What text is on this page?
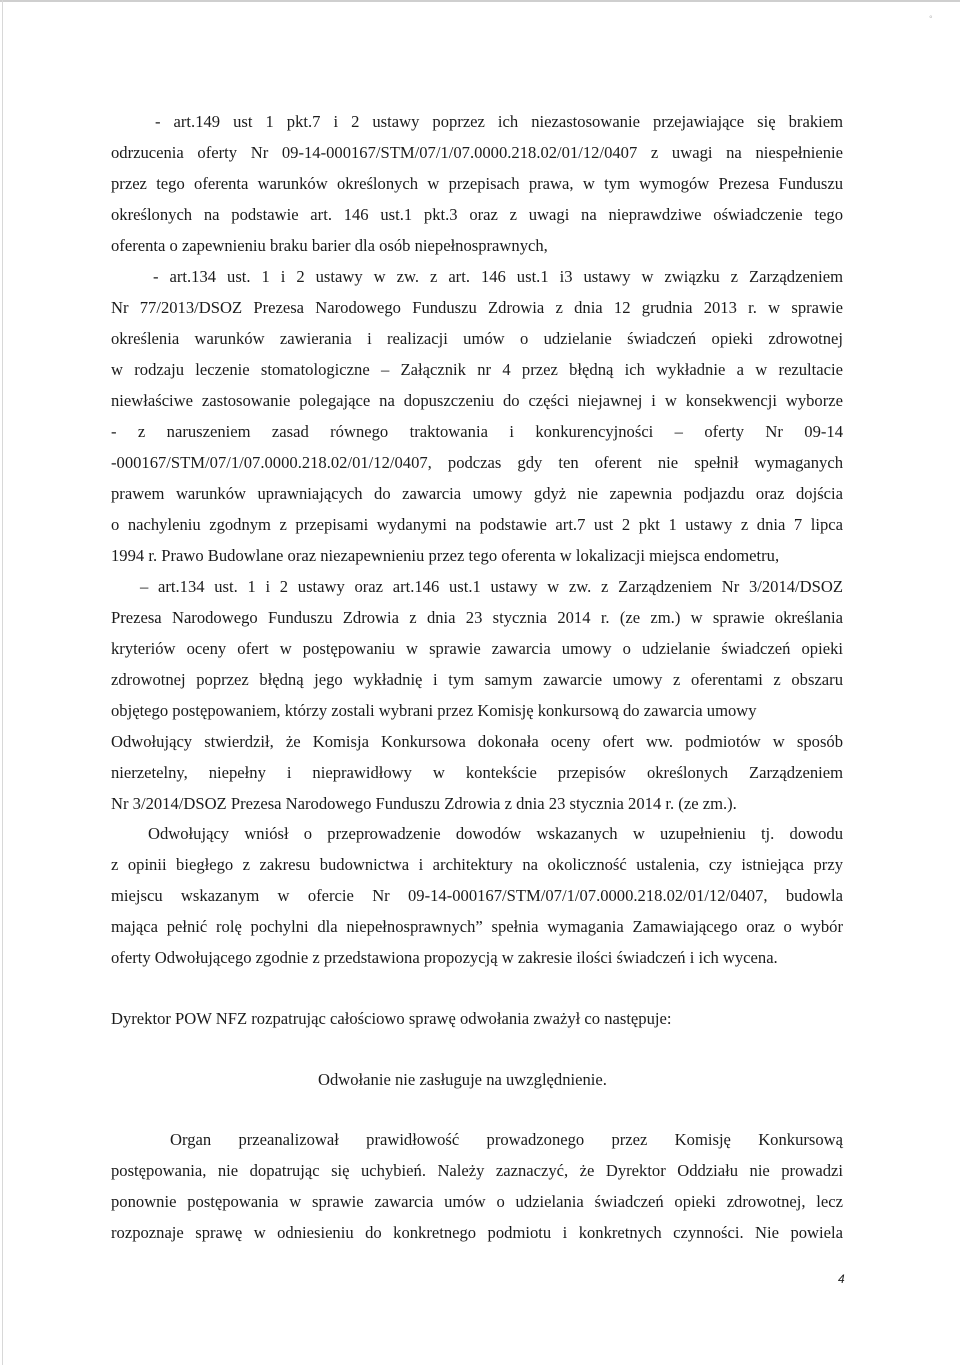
°
- art.149 ust 1 pkt.7 i 2 ustawy poprzez ich niezastosowanie przejawiające się brakiem
odrzucenia oferty Nr 09-14-000167/STM/07/1/07.0000.218.02/01/12/0407 z uwagi na niespełnienie
przez tego oferenta warunków określonych w przepisach prawa, w tym wymogów Prezesa Funduszu
określonych na podstawie art. 146 ust.1 pkt.3 oraz z uwagi na nieprawdziwe oświadczenie tego
oferenta o zapewnieniu braku barier dla osób niepełnosprawnych,
- art.134 ust. 1 i 2 ustawy w zw. z art. 146 ust.1 i3 ustawy w związku z Zarządzeniem
Nr 77/2013/DSOZ Prezesa Narodowego Funduszu Zdrowia z dnia 12 grudnia 2013 r. w sprawie
określenia warunków zawierania i realizacji umów o udzielanie świadczeń opieki zdrowotnej
w rodzaju leczenie stomatologiczne – Załącznik nr 4 przez błędną ich wykładnie a w rezultacie
niewłaściwe zastosowanie polegające na dopuszczeniu do części niejawnej i w konsekwencji wyborze
- z naruszeniem zasad równego traktowania i konkurencyjności – oferty Nr 09-14
-000167/STM/07/1/07.0000.218.02/01/12/0407, podczas gdy ten oferent nie spełnił wymaganych
prawem warunków uprawniających do zawarcia umowy gdyż nie zapewnia podjazdu oraz dojścia
o nachyleniu zgodnym z przepisami wydanymi na podstawie art.7 ust 2 pkt 1 ustawy z dnia 7 lipca
1994 r. Prawo Budowlane oraz niezapewnieniu przez tego oferenta w lokalizacji miejsca endometru,
– art.134 ust. 1 i 2 ustawy oraz art.146 ust.1 ustawy w zw. z Zarządzeniem Nr 3/2014/DSOZ
Prezesa Narodowego Funduszu Zdrowia z dnia 23 stycznia 2014 r. (ze zm.) w sprawie określania
kryteriów oceny ofert w postępowaniu w sprawie zawarcia umowy o udzielanie świadczeń opieki
zdrowotnej poprzez błędną jego wykładnię i tym samym zawarcie umowy z oferentami z obszaru
objętego postępowaniem, którzy zostali wybrani przez Komisję konkursową do zawarcia umowy
Odwołujący stwierdził, że Komisja Konkursowa dokonała oceny ofert ww. podmiotów w sposób
nierzetelny, niepełny i nieprawidłowy w kontekście przepisów określonych Zarządzeniem
Nr 3/2014/DSOZ Prezesa Narodowego Funduszu Zdrowia z dnia 23 stycznia 2014 r. (ze zm.).
Odwołujący wniósł o przeprowadzenie dowodów wskazanych w uzupełnieniu tj. dowodu
z opinii biegłego z zakresu budownictwa i architektury na okoliczność ustalenia, czy istniejąca przy
miejscu wskazanym w ofercie Nr 09-14-000167/STM/07/1/07.0000.218.02/01/12/0407, budowla
mająca pełnić rolę pochylni dla niepełnosprawnych” spełnia wymagania Zamawiającego oraz o wybór
oferty Odwołującego zgodnie z przedstawiona propozycją w zakresie ilości świadczeń i ich wycena.
Dyrektor POW NFZ rozpatrując całościowo sprawę odwołania zważył co następuje:
Odwołanie nie zasługuje na uwzględnienie.
Organ przeanalizował prawidłowość prowadzonego przez Komisję Konkursową
postępowania, nie dopatrując się uchybień. Należy zaznaczyć, że Dyrektor Oddziału nie prowadzi
ponownie postępowania w sprawie zawarcia umów o udzielania świadczeń opieki zdrowotnej, lecz
rozpoznaje sprawę w odniesieniu do konkretnego podmiotu i konkretnych czynności. Nie powiela
4
